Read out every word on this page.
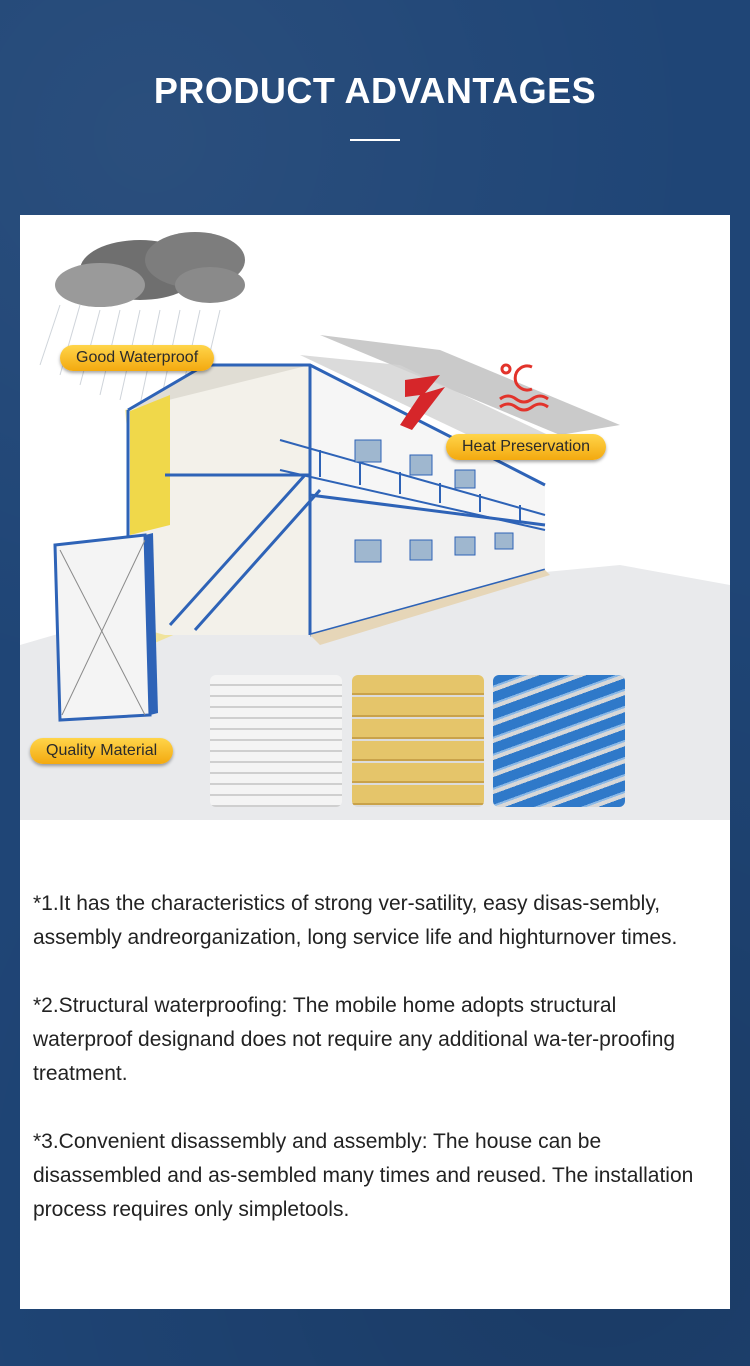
PRODUCT ADVANTAGES
Good Waterproof
Heat Preservation
Quality Material

*1.It has the characteristics of strong ver-satility, easy disas-sembly, assembly andreorganization, long service life and highturnover times.

*2.Structural waterproofing: The mobile home adopts structural waterproof designand does not require any additional wa-ter-proofing treatment.

*3.Convenient disassembly and assembly: The house can be disassembled and as-sembled many times and reused. The installation process requires only simpletools.
